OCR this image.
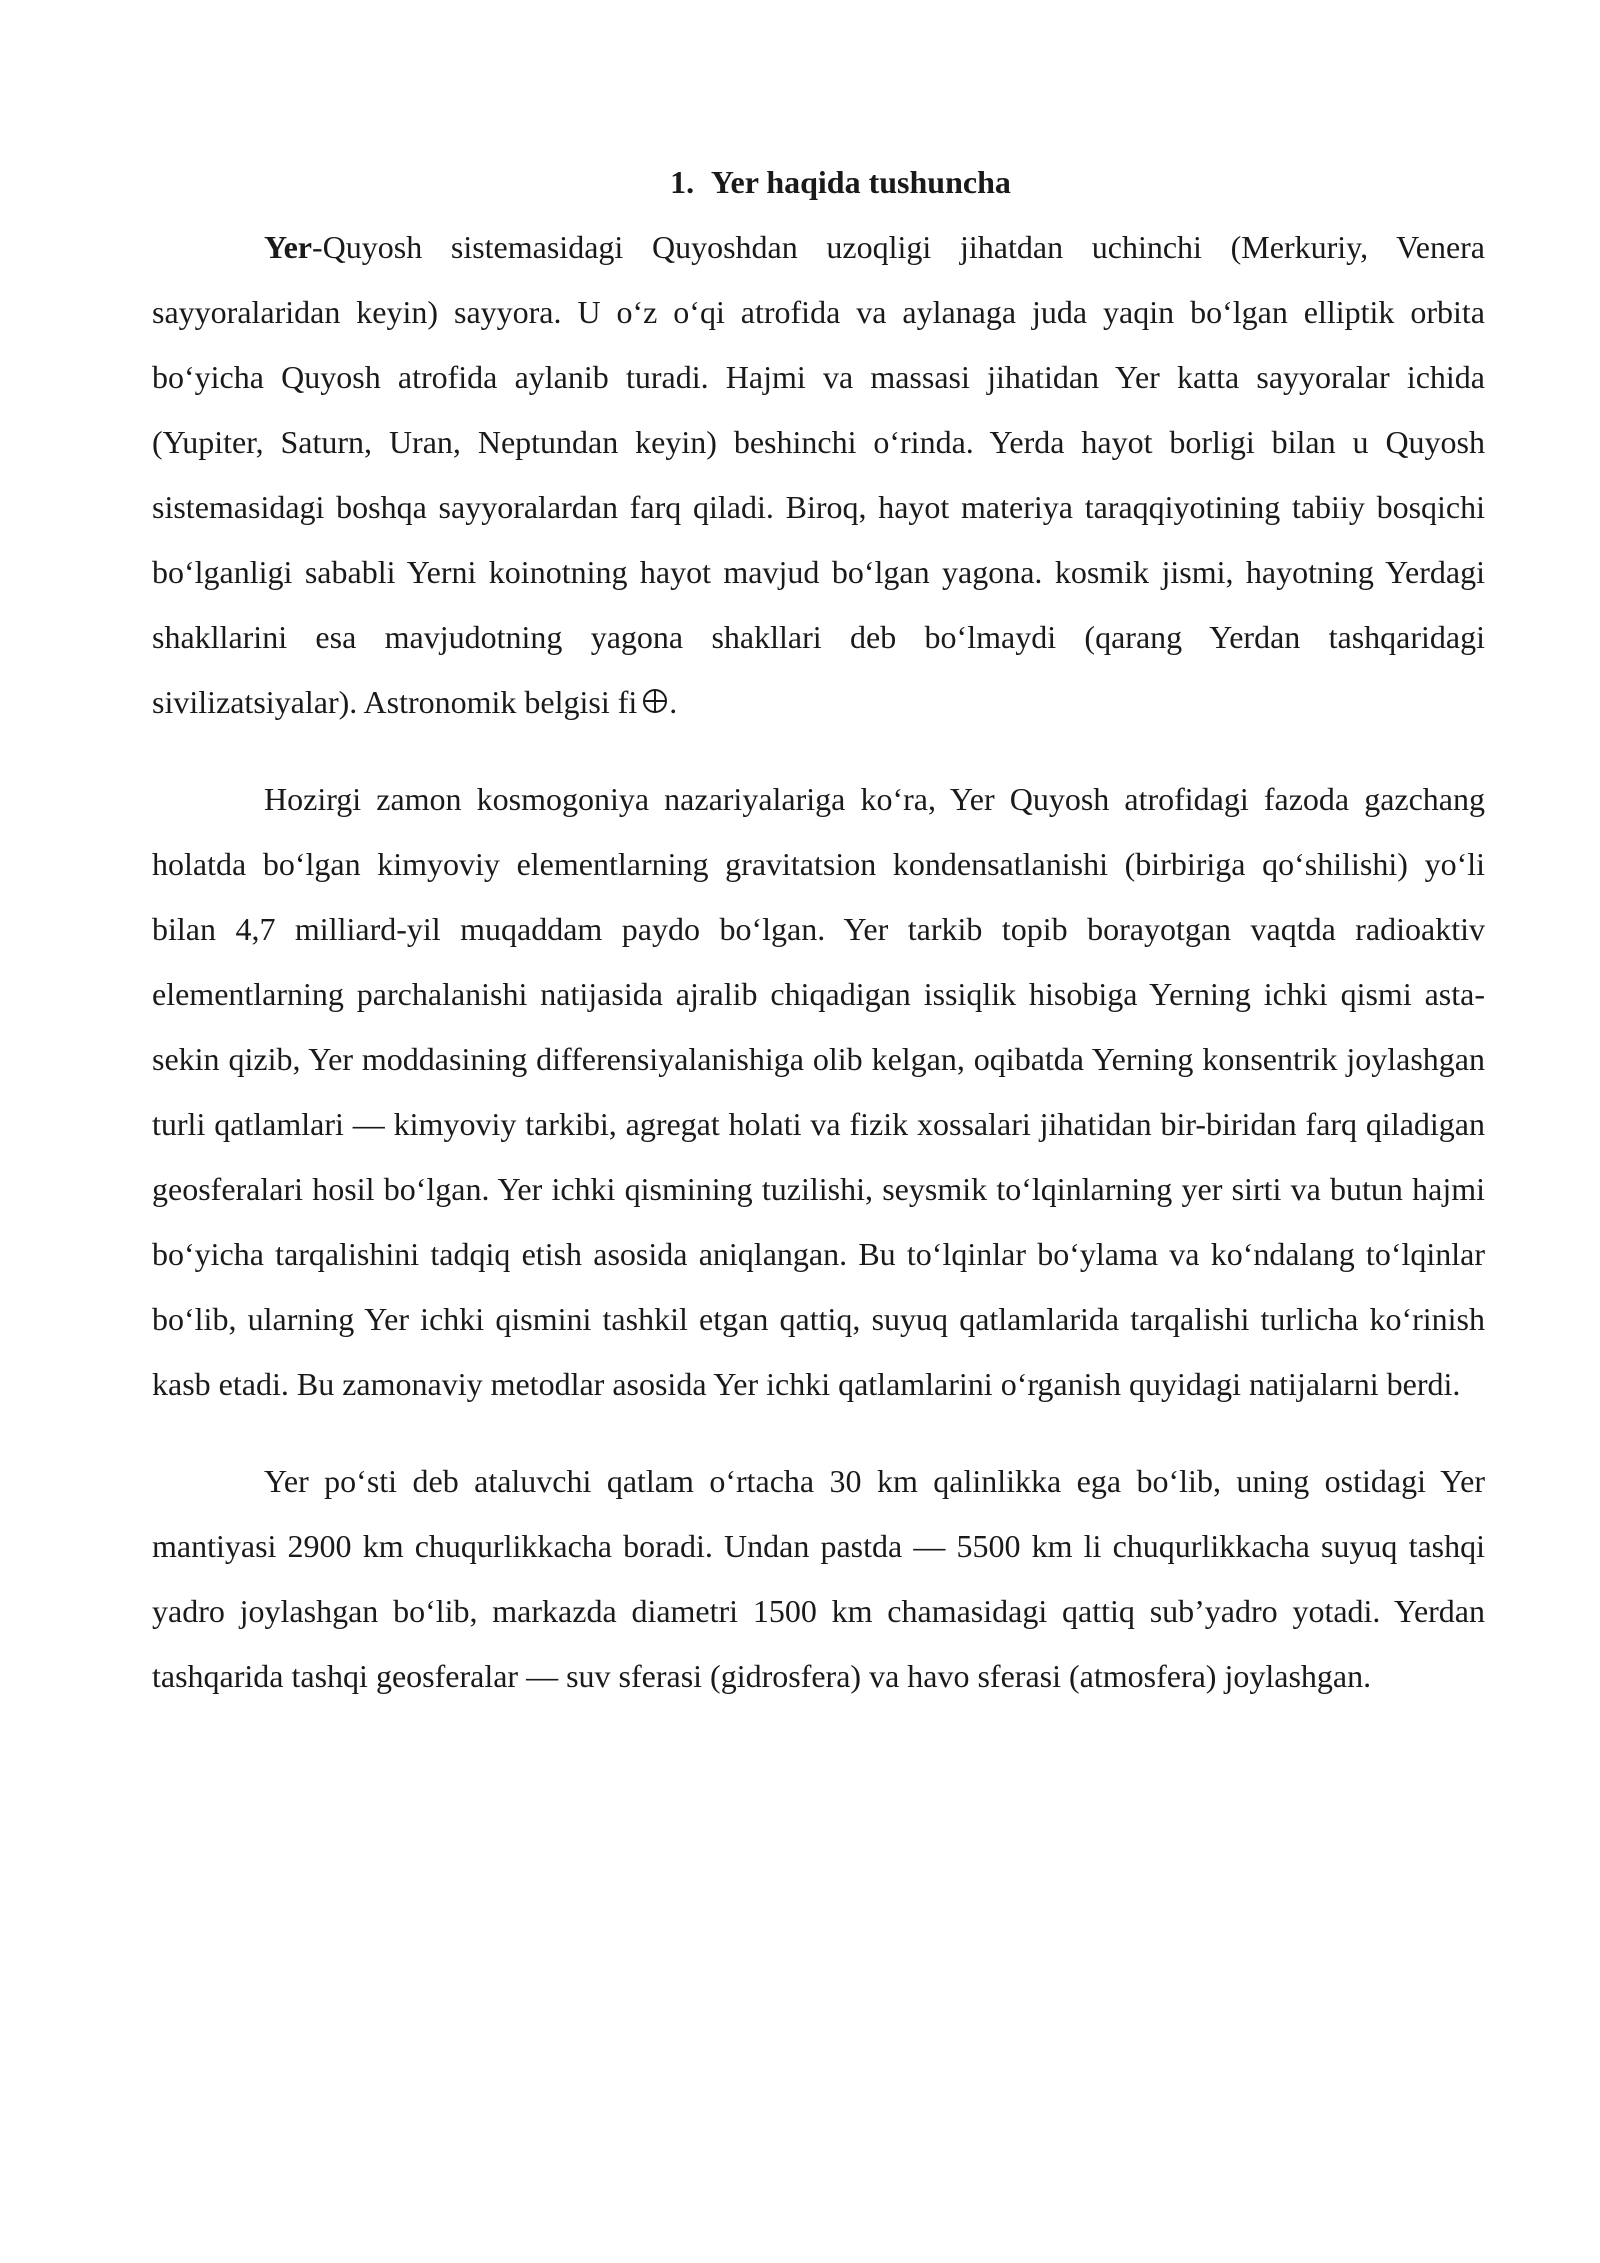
1. Yer haqida tushuncha

Yer-Quyosh sistemasidagi Quyoshdan uzoqligi jihatdan uchinchi (Merkuriy, Venera sayyoralaridan keyin) sayyora. U oʻz oʻqi atrofida va aylanaga juda yaqin boʻlgan elliptik orbita boʻyicha Quyosh atrofida aylanib turadi. Hajmi va massasi jihatidan Yer katta sayyoralar ichida (Yupiter, Saturn, Uran, Neptundan keyin) beshinchi oʻrinda. Yerda hayot borligi bilan u Quyosh sistemasidagi boshqa sayyoralardan farq qiladi. Biroq, hayot materiya taraqqiyotining tabiiy bosqichi boʻlganligi sababli Yerni koinotning hayot mavjud boʻlgan yagona. kosmik jismi, hayotning Yerdagi shakllarini esa mavjudotning yagona shakllari deb boʻlmaydi (qarang Yerdan tashqaridagi sivilizatsiyalar). Astronomik belgisi fi .

Hozirgi zamon kosmogoniya nazariyalariga koʻra, Yer Quyosh atrofidagi fazoda gazchang holatda boʻlgan kimyoviy elementlarning gravitatsion kondensatlanishi (birbiriga qoʻshilishi) yoʻli bilan 4,7 milliard-yil muqaddam paydo boʻlgan. Yer tarkib topib borayotgan vaqtda radioaktiv elementlarning parchalanishi natijasida ajralib chiqadigan issiqlik hisobiga Yerning ichki qismi asta-sekin qizib, Yer moddasining differensiyalanishiga olib kelgan, oqibatda Yerning konsentrik joylashgan turli qatlamlari — kimyoviy tarkibi, agregat holati va fizik xossalari jihatidan bir-biridan farq qiladigan geosferalari hosil boʻlgan. Yer ichki qismining tuzilishi, seysmik toʻlqinlarning yer sirti va butun hajmi boʻyicha tarqalishini tadqiq etish asosida aniqlangan. Bu toʻlqinlar boʻylama va koʻndalang toʻlqinlar boʻlib, ularning Yer ichki qismini tashkil etgan qattiq, suyuq qatlamlarida tarqalishi turlicha koʻrinish kasb etadi. Bu zamonaviy metodlar asosida Yer ichki qatlamlarini oʻrganish quyidagi natijalarni berdi.

Yer poʻsti deb ataluvchi qatlam oʻrtacha 30 km qalinlikka ega boʻlib, uning ostidagi Yer mantiyasi 2900 km chuqurlikkacha boradi. Undan pastda — 5500 km li chuqurlikkacha suyuq tashqi yadro joylashgan boʻlib, markazda diametri 1500 km chamasidagi qattiq sub’yadro yotadi. Yerdan tashqarida tashqi geosferalar — suv sferasi (gidrosfera) va havo sferasi (atmosfera) joylashgan.
